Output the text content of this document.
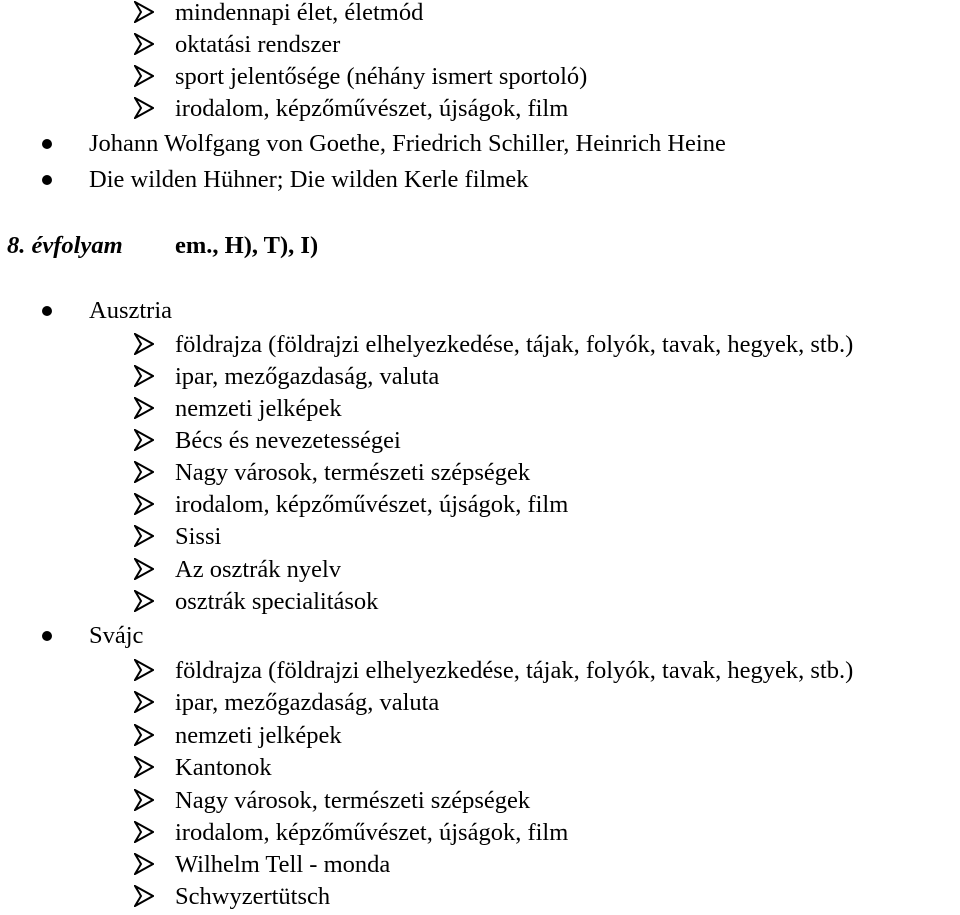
mindennapi élet, életmód
oktatási rendszer
sport jelentősége (néhány ismert sportoló)
irodalom, képzőművészet, újságok, film
Johann Wolfgang von Goethe, Friedrich Schiller, Heinrich Heine
Die wilden Hühner; Die wilden Kerle filmek
8. évfolyam em., H), T), I)
Ausztria
földrajza (földrajzi elhelyezkedése, tájak, folyók, tavak, hegyek, stb.)
ipar, mezőgazdaság, valuta
nemzeti jelképek
Bécs és nevezetességei
Nagy városok, természeti szépségek
irodalom, képzőművészet, újságok, film
Sissi
Az osztrák nyelv
osztrák specialitások
Svájc
földrajza (földrajzi elhelyezkedése, tájak, folyók, tavak, hegyek, stb.)
ipar, mezőgazdaság, valuta
nemzeti jelképek
Kantonok
Nagy városok, természeti szépségek
irodalom, képzőművészet, újságok, film
Wilhelm Tell - monda
Schwyzertütsch
